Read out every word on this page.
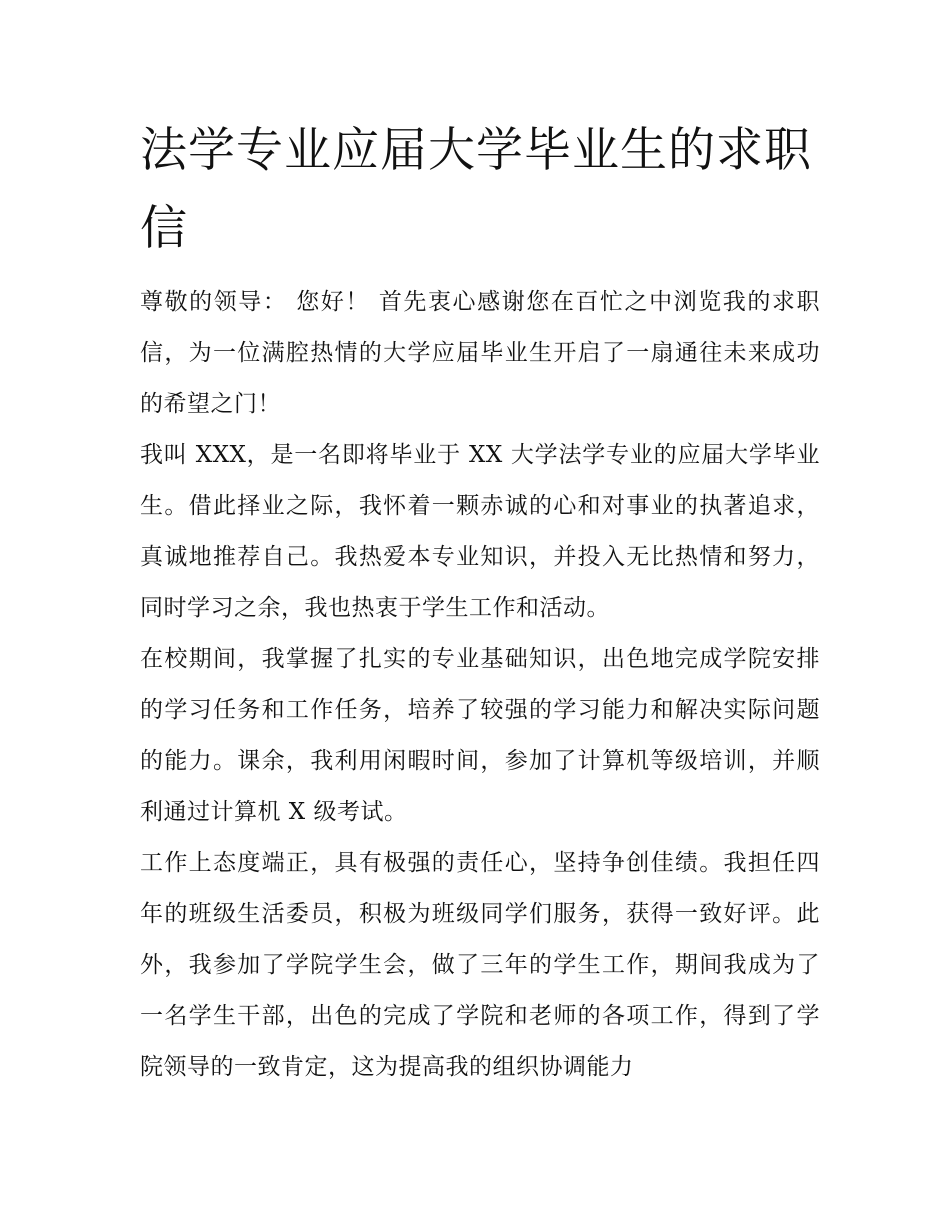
法学专业应届大学毕业生的求职信

尊敬的领导： 您好！ 首先衷心感谢您在百忙之中浏览我的求职信，为一位满腔热情的大学应届毕业生开启了一扇通往未来成功的希望之门！

我叫 XXX，是一名即将毕业于 XX 大学法学专业的应届大学毕业生。借此择业之际，我怀着一颗赤诚的心和对事业的执著追求，真诚地推荐自己。我热爱本专业知识，并投入无比热情和努力，同时学习之余，我也热衷于学生工作和活动。

在校期间，我掌握了扎实的专业基础知识，出色地完成学院安排的学习任务和工作任务，培养了较强的学习能力和解决实际问题的能力。课余，我利用闲暇时间，参加了计算机等级培训，并顺利通过计算机 X 级考试。

工作上态度端正，具有极强的责任心，坚持争创佳绩。我担任四年的班级生活委员，积极为班级同学们服务，获得一致好评。此外，我参加了学院学生会，做了三年的学生工作，期间我成为了一名学生干部，出色的完成了学院和老师的各项工作，得到了学院领导的一致肯定，这为提高我的组织协调能力
